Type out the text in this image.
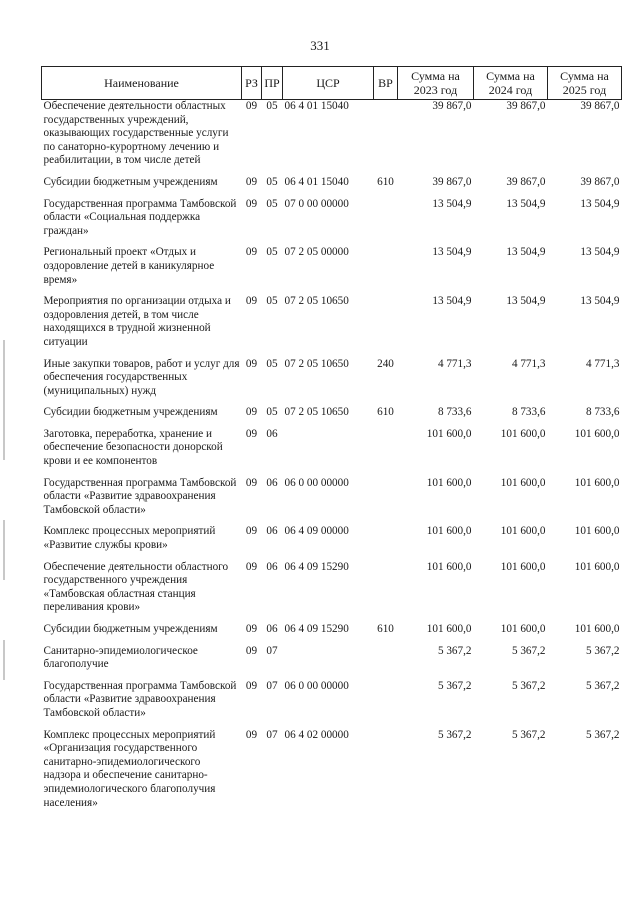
331
Наименование	РЗ	ПР	ЦСР	ВР	Сумма на 2023 год	Сумма на 2024 год	Сумма на 2025 год
Обеспечение деятельности областных государственных учреждений, оказывающих государственные услуги по санаторно-курортному лечению и реабилитации, в том числе детей	09	05	06 4 01 15040		39 867,0	39 867,0	39 867,0
Субсидии бюджетным учреждениям	09	05	06 4 01 15040	610	39 867,0	39 867,0	39 867,0
Государственная программа Тамбовской области «Социальная поддержка граждан»	09	05	07 0 00 00000		13 504,9	13 504,9	13 504,9
Региональный проект «Отдых и оздоровление детей в каникулярное время»	09	05	07 2 05 00000		13 504,9	13 504,9	13 504,9
Мероприятия по организации отдыха и оздоровления детей, в том числе находящихся в трудной жизненной ситуации	09	05	07 2 05 10650		13 504,9	13 504,9	13 504,9
Иные закупки товаров, работ и услуг для обеспечения государственных (муниципальных) нужд	09	05	07 2 05 10650	240	4 771,3	4 771,3	4 771,3
Субсидии бюджетным учреждениям	09	05	07 2 05 10650	610	8 733,6	8 733,6	8 733,6
Заготовка, переработка, хранение и обеспечение безопасности донорской крови и ее компонентов	09	06			101 600,0	101 600,0	101 600,0
Государственная программа Тамбовской области «Развитие здравоохранения Тамбовской области»	09	06	06 0 00 00000		101 600,0	101 600,0	101 600,0
Комплекс процессных мероприятий «Развитие службы крови»	09	06	06 4 09 00000		101 600,0	101 600,0	101 600,0
Обеспечение деятельности областного государственного учреждения «Тамбовская областная станция переливания крови»	09	06	06 4 09 15290		101 600,0	101 600,0	101 600,0
Субсидии бюджетным учреждениям	09	06	06 4 09 15290	610	101 600,0	101 600,0	101 600,0
Санитарно-эпидемиологическое благополучие	09	07			5 367,2	5 367,2	5 367,2
Государственная программа Тамбовской области «Развитие здравоохранения Тамбовской области»	09	07	06 0 00 00000		5 367,2	5 367,2	5 367,2
Комплекс процессных мероприятий «Организация государственного санитарно-эпидемиологического надзора и обеспечение санитарно-эпидемиологического благополучия населения»	09	07	06 4 02 00000		5 367,2	5 367,2	5 367,2
